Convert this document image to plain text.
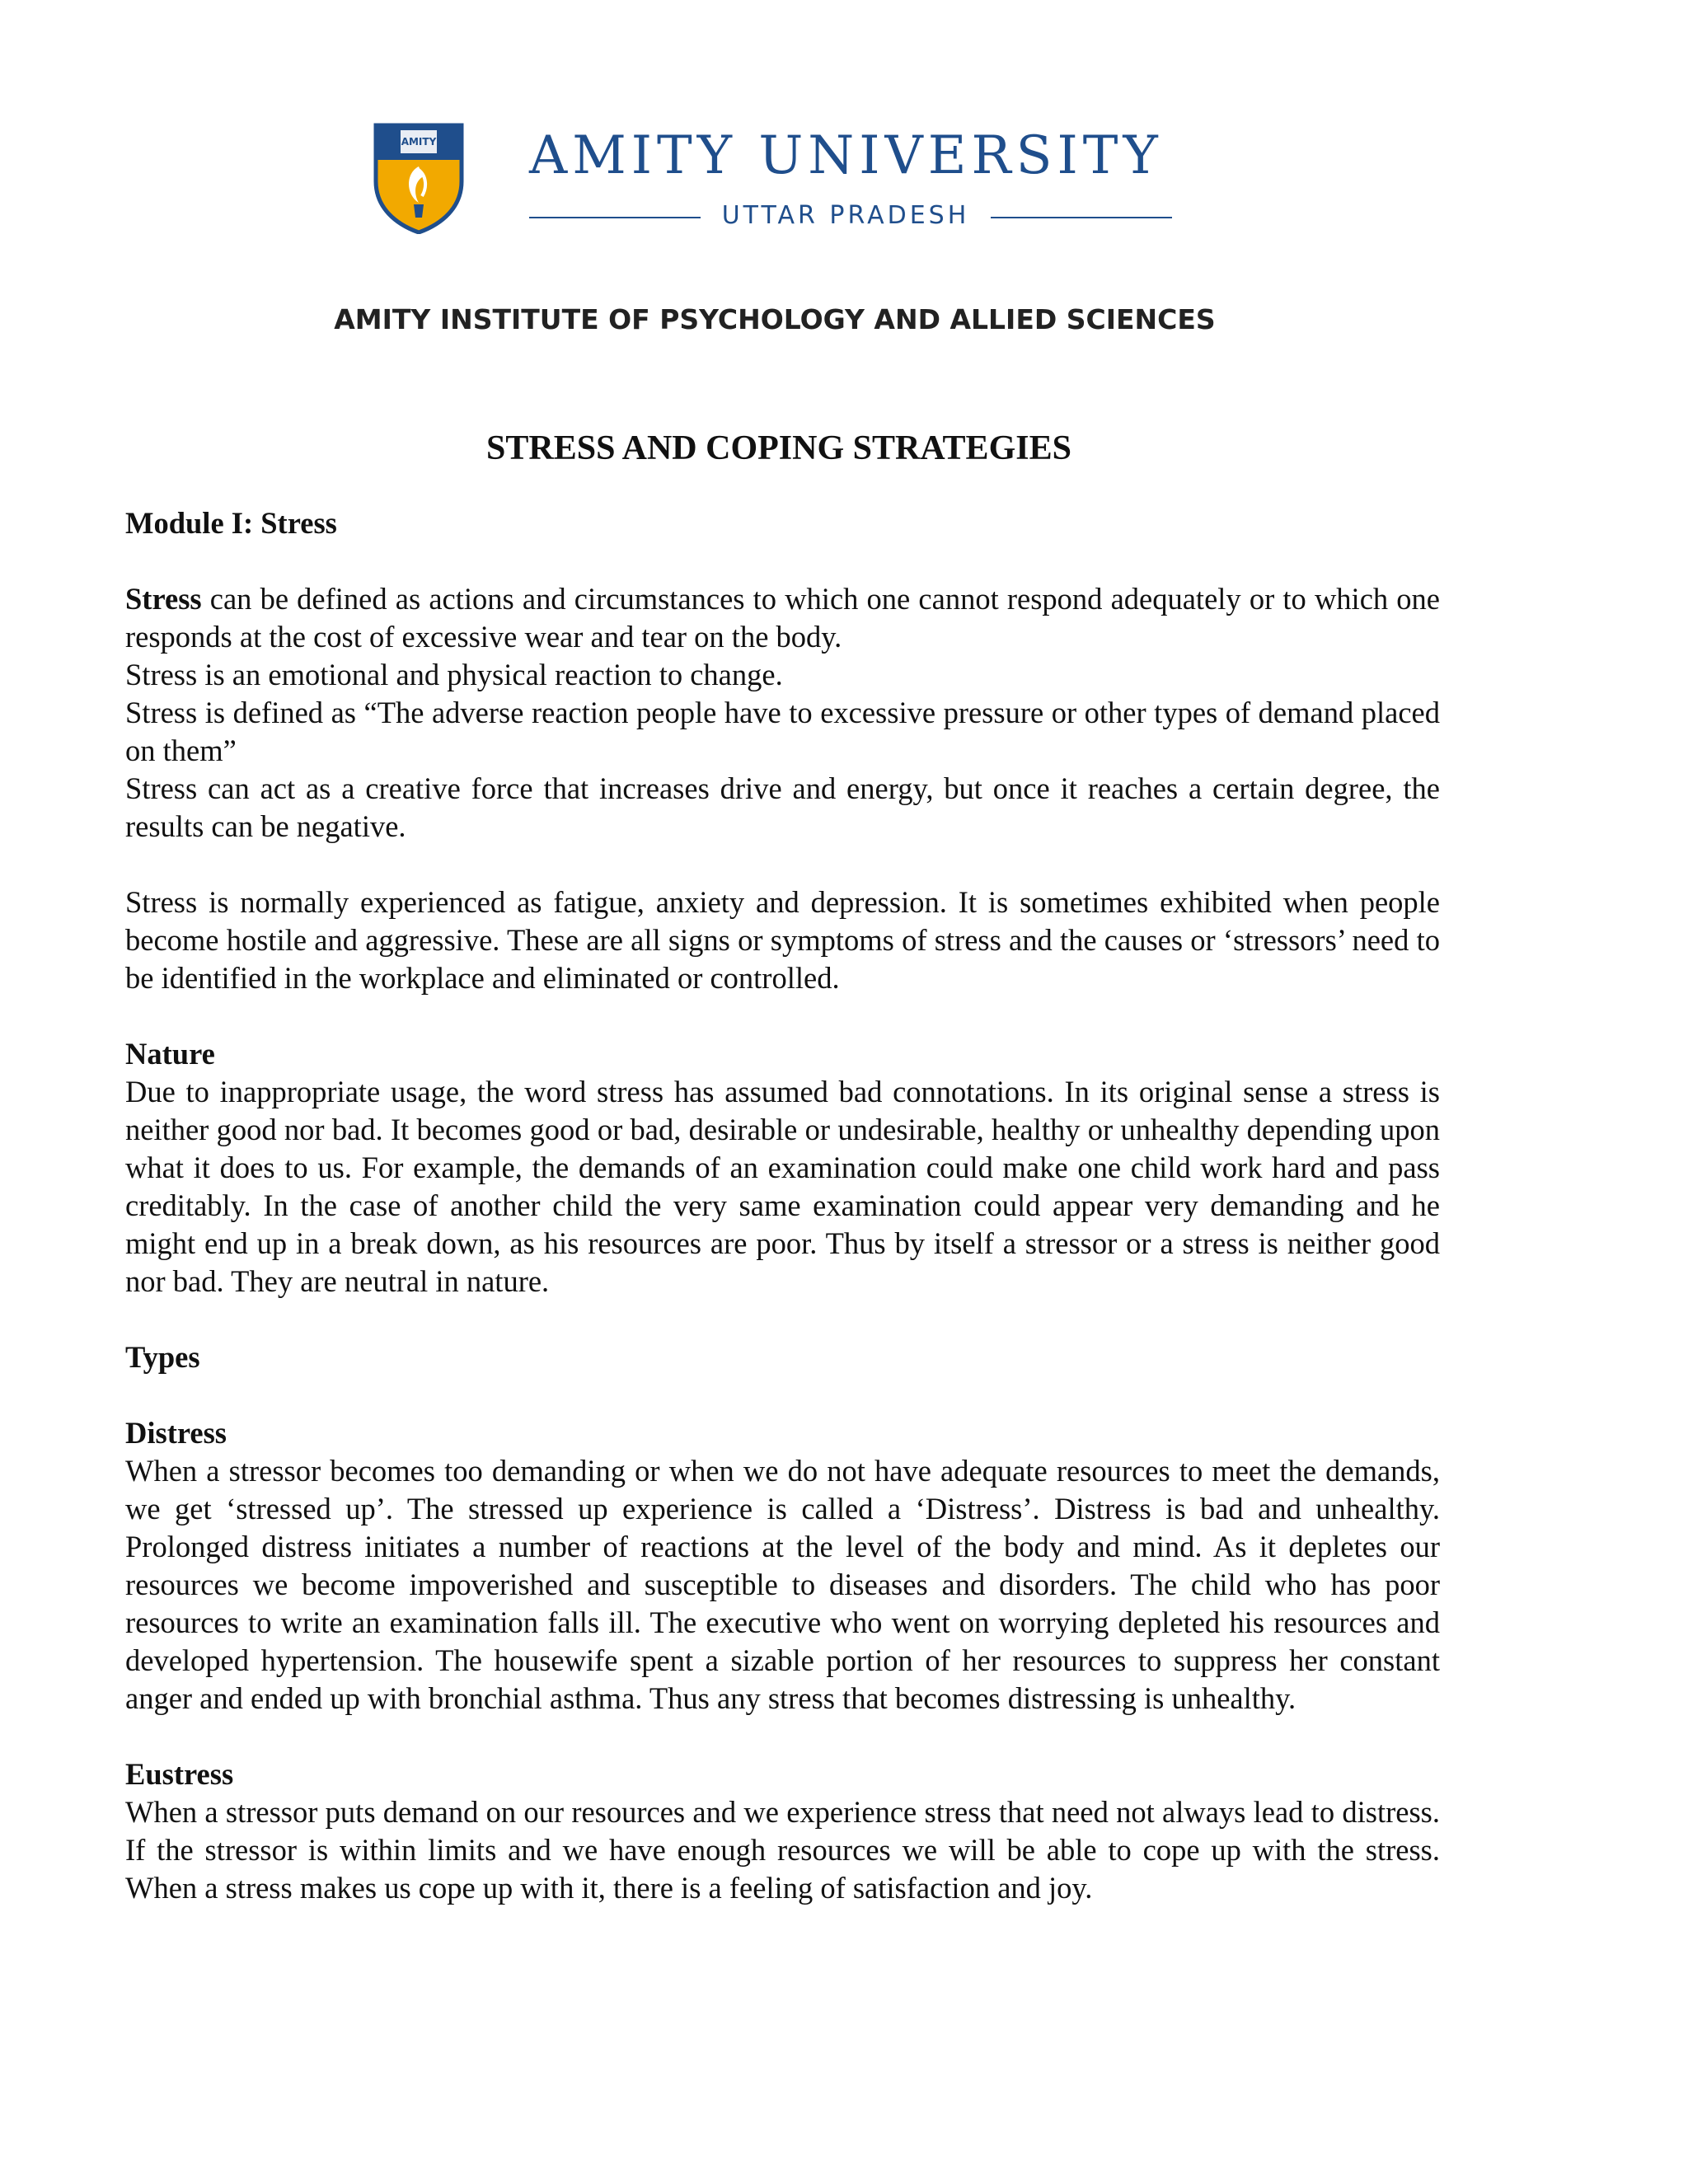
AMITY AMITY UNIVERSITY
UTTAR PRADESH
AMITY INSTITUTE OF PSYCHOLOGY AND ALLIED SCIENCES
STRESS AND COPING STRATEGIES
Module I: Stress

Stress can be defined as actions and circumstances to which one cannot respond adequately or to which one responds at the cost of excessive wear and tear on the body.

Stress is an emotional and physical reaction to change.

Stress is defined as “The adverse reaction people have to excessive pressure or other types of demand placed on them”

Stress can act as a creative force that increases drive and energy, but once it reaches a certain degree, the results can be negative.

Stress is normally experienced as fatigue, anxiety and depression. It is sometimes exhibited when people become hostile and aggressive. These are all signs or symptoms of stress and the causes or ‘stressors’ need to be identified in the workplace and eliminated or controlled.

Nature

Due to inappropriate usage, the word stress has assumed bad connotations. In its original sense a stress is neither good nor bad. It becomes good or bad, desirable or undesirable, healthy or unhealthy depending upon what it does to us. For example, the demands of an examination could make one child work hard and pass creditably. In the case of another child the very same examination could appear very demanding and he might end up in a break down, as his resources are poor. Thus by itself a stressor or a stress is neither good nor bad. They are neutral in nature.

Types
Distress

When a stressor becomes too demanding or when we do not have adequate resources to meet the demands, we get ‘stressed up’. The stressed up experience is called a ‘Distress’. Distress is bad and unhealthy. Prolonged distress initiates a number of reactions at the level of the body and mind. As it depletes our resources we become impoverished and susceptible to diseases and disorders. The child who has poor resources to write an examination falls ill. The executive who went on worrying depleted his resources and developed hypertension. The housewife spent a sizable portion of her resources to suppress her constant anger and ended up with bronchial asthma. Thus any stress that becomes distressing is unhealthy.

Eustress

When a stressor puts demand on our resources and we experience stress that need not always lead to distress. If the stressor is within limits and we have enough resources we will be able to cope up with the stress. When a stress makes us cope up with it, there is a feeling of satisfaction and joy.
